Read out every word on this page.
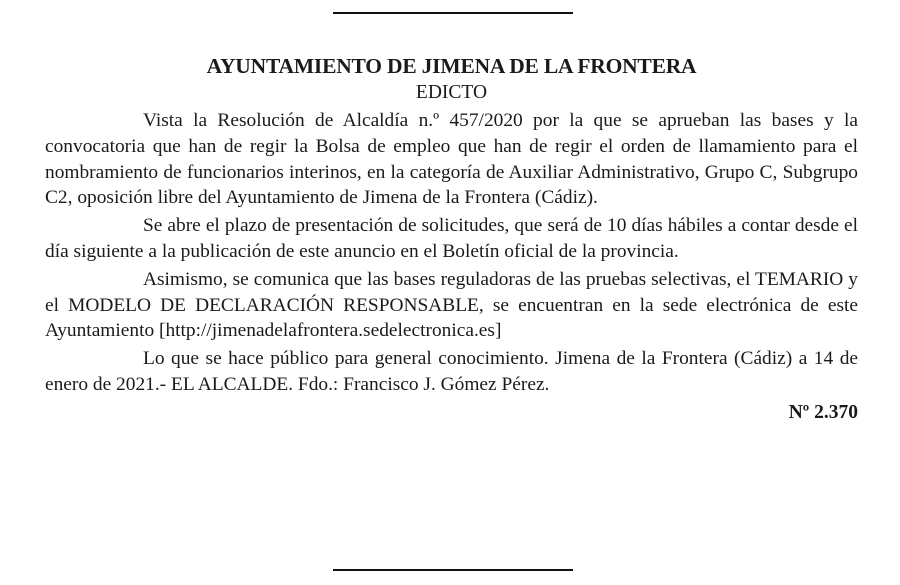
AYUNTAMIENTO DE JIMENA DE LA FRONTERA
EDICTO

Vista la Resolución de Alcaldía n.º 457/2020 por la que se aprueban las bases y la convocatoria que han de regir la Bolsa de empleo que han de regir el orden de llamamiento para el nombramiento de funcionarios interinos, en la categoría de Auxiliar Administrativo, Grupo C, Subgrupo C2, oposición libre del Ayuntamiento de Jimena de la Frontera (Cádiz).

Se abre el plazo de presentación de solicitudes, que será de 10 días hábiles a contar desde el día siguiente a la publicación de este anuncio en el Boletín oficial de la provincia.

Asimismo, se comunica que las bases reguladoras de las pruebas selectivas, el TEMARIO y el MODELO DE DECLARACIÓN RESPONSABLE, se encuentran en la sede electrónica de este Ayuntamiento [http://jimenadelafrontera.sedelectronica.es]

Lo que se hace público para general conocimiento. Jimena de la Frontera (Cádiz) a 14 de enero de 2021.- EL ALCALDE. Fdo.: Francisco J. Gómez Pérez.

Nº 2.370
